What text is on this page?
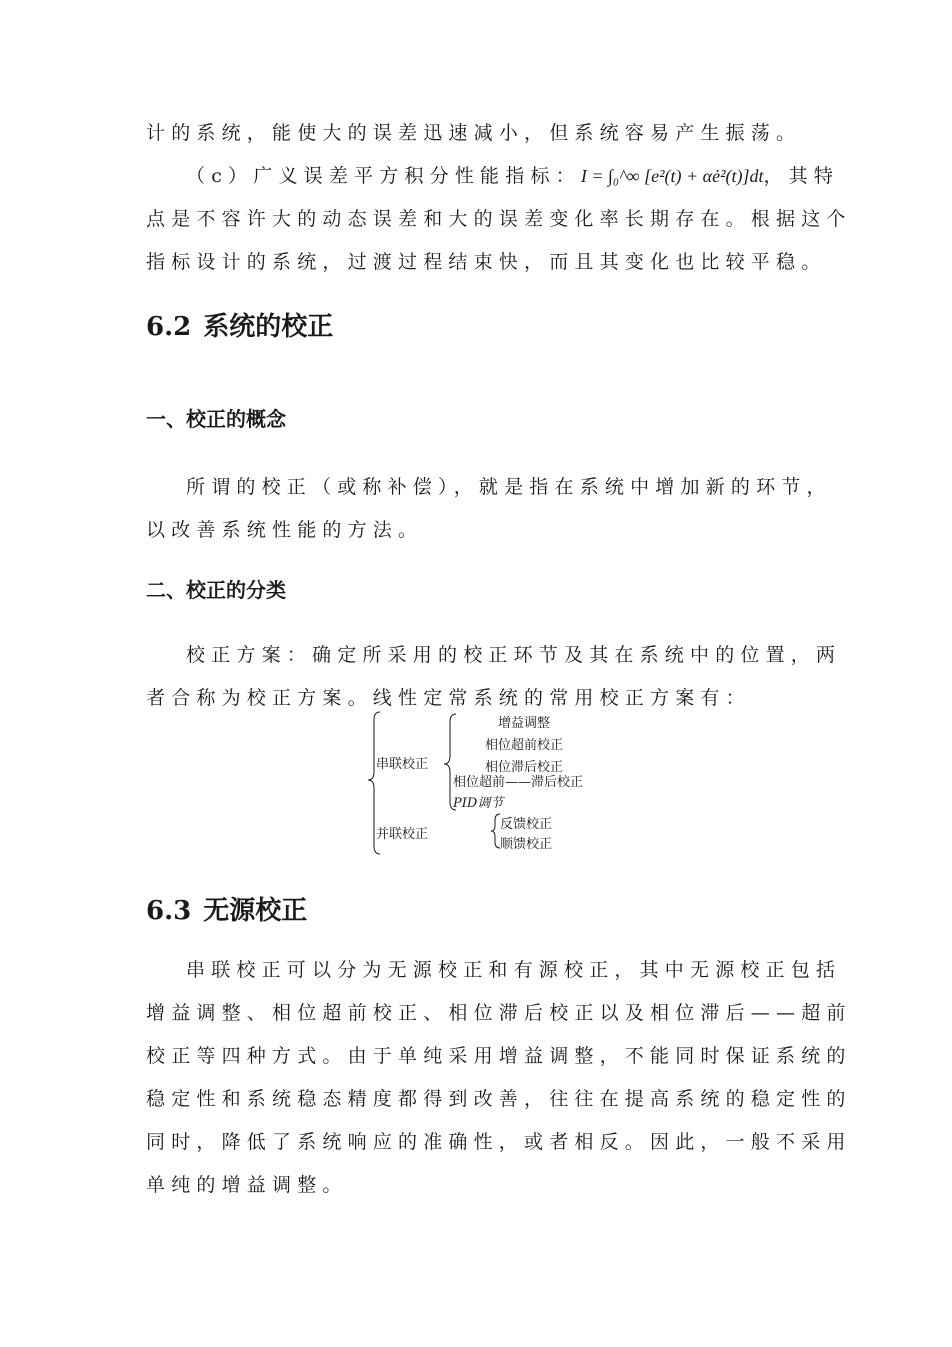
计的系统，能使大的误差迅速减小，但系统容易产生振荡。

（c）广义误差平方积分性能指标：I = ∫₀^∞ [e²(t) + αė²(t)]dt，其特
点是不容许大的动态误差和大的误差变化率长期存在。根据这个
指标设计的系统，过渡过程结束快，而且其变化也比较平稳。

6.2 系统的校正
一、校正的概念

所谓的校正（或称补偿），就是指在系统中增加新的环节，
以改善系统性能的方法。

二、校正的分类

校正方案：确定所采用的校正环节及其在系统中的位置，两
者合称为校正方案。线性定常系统的常用校正方案有：

串联校正
增益调整
相位超前校正
相位滞后校正
相位超前——滞后校正
PID调节
并联校正
反馈校正
顺馈校正
6.3 无源校正

串联校正可以分为无源校正和有源校正，其中无源校正包括
增益调整、相位超前校正、相位滞后校正以及相位滞后——超前
校正等四种方式。由于单纯采用增益调整，不能同时保证系统的
稳定性和系统稳态精度都得到改善，往往在提高系统的稳定性的
同时，降低了系统响应的准确性，或者相反。因此，一般不采用
单纯的增益调整。
